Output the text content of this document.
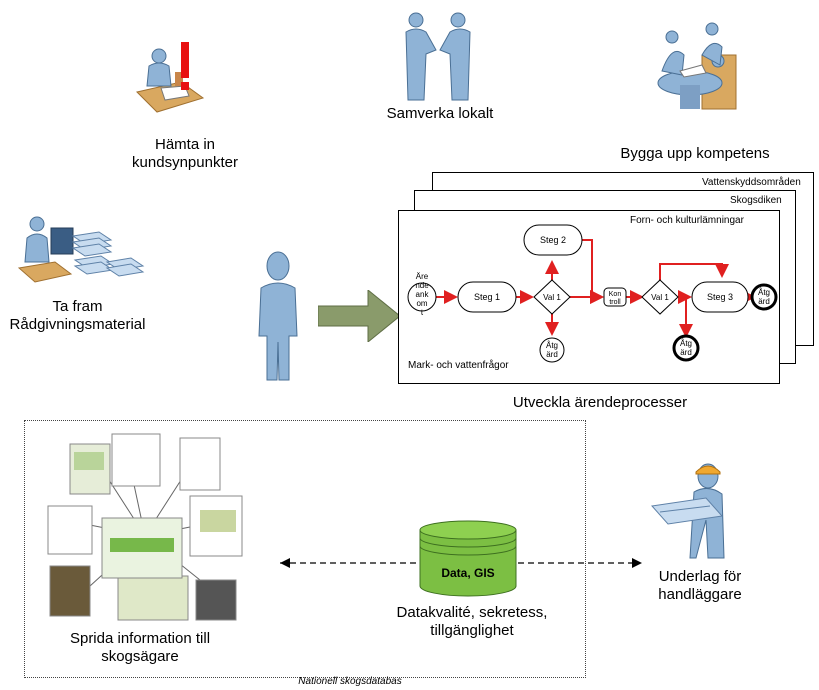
Hämta in
kundsynpunkter
Samverka lokalt
Bygga upp kompetens
Ta fram
Rådgivningsmaterial
Vattenskyddsområden
Skogsdiken
Forn- och kulturlämningar
Mark- och vattenfrågor
Äre nde ank om t
Steg 1
Steg 2
Steg 3
Val 1	Val 1
Kon troll
Åtg ärd
Åtg ärd
Åtg ärd
Utveckla ärendeprocesser
Sprida information till
skogsägare
Data, GIS
Datakvalité, sekretess,
tillgänglighet
Underlag för
handläggare
Nationell skogsdatabas
